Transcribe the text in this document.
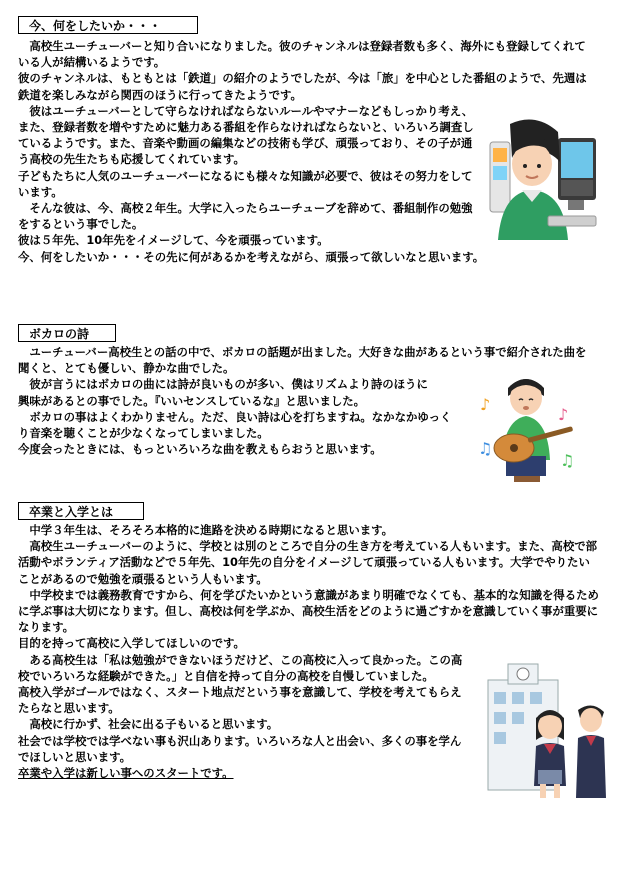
今、何をしたいか・・・

　高校生ユーチューバーと知り合いになりました。彼のチャンネルは登録者数も多く、海外にも登録してくれている人が結構いるようです。

彼のチャンネルは、もともとは「鉄道」の紹介のようでしたが、今は「旅」を中心とした番組のようで、先週は鉄道を楽しみながら関西のほうに行ってきたようです。

　彼はユーチューバーとして守らなければならないルールやマナーなどもしっかり考え、また、登録者数を増やすために魅力ある番組を作らなければならないと、いろいろ調査しているようです。また、音楽や動画の編集などの技術も学び、頑張っており、その子が通う高校の先生たちも応援してくれています。

子どもたちに人気のユーチューバーになるにも様々な知識が必要で、彼はその努力をしています。

　そんな彼は、今、高校２年生。大学に入ったらユーチューブを辞めて、番組制作の勉強をするという事でした。

彼は５年先、10年先をイメージして、今を頑張っています。

今、何をしたいか・・・その先に何があるかを考えながら、頑張って欲しいなと思います。

ボカロの詩

　ユーチューバー高校生との話の中で、ボカロの話題が出ました。大好きな曲があるという事で紹介された曲を聞くと、とても優しい、静かな曲でした。

　彼が言うにはボカロの曲には詩が良いものが多い、僕はリズムより詩のほうに興味があるとの事でした。『いいセンスしているな』と思いました。

　ボカロの事はよくわかりません。ただ、良い詩は心を打ちますね。なかなかゆっくり音楽を聴くことが少なくなってしまいました。

今度会ったときには、もっといろいろな曲を教えもらおうと思います。

♪
♫
♪
♫
卒業と入学とは

　中学３年生は、そろそろ本格的に進路を決める時期になると思います。

　高校生ユーチューバーのように、学校とは別のところで自分の生き方を考えている人もいます。また、高校で部活動やボランティア活動などで５年先、10年先の自分をイメージして頑張っている人もいます。大学でやりたいことがあるので勉強を頑張るという人もいます。

　中学校までは義務教育ですから、何を学びたいかという意識があまり明確でなくても、基本的な知識を得るために学ぶ事は大切になります。但し、高校は何を学ぶか、高校生活をどのように過ごすかを意識していく事が重要になります。

目的を持って高校に入学してほしいのです。

　ある高校生は「私は勉強ができないほうだけど、この高校に入って良かった。この高校でいろいろな経験ができた。」と自信を持って自分の高校を自慢していました。

高校入学がゴールではなく、スタート地点だという事を意識して、学校を考えてもらえたらなと思います。

　高校に行かず、社会に出る子もいると思います。

社会では学校では学べない事も沢山あります。いろいろな人と出会い、多くの事を学んでほしいと思います。

卒業や入学は新しい事へのスタートです。
